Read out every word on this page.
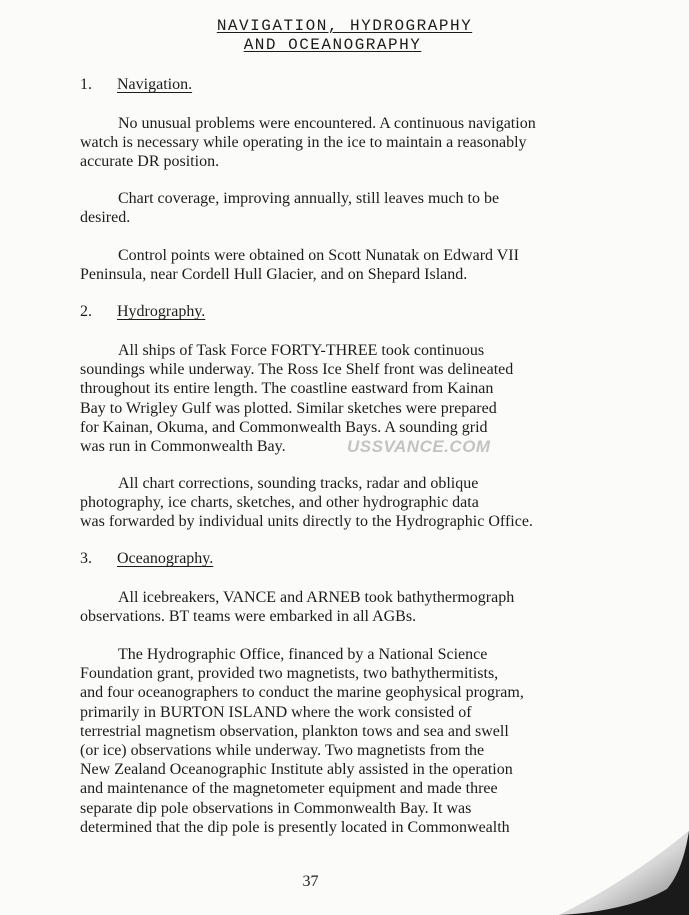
NAVIGATION, HYDROGRAPHY
AND OCEANOGRAPHY
1. Navigation.
No unusual problems were encountered. A continuous navigation
watch is necessary while operating in the ice to maintain a reasonably
accurate DR position.
Chart coverage, improving annually, still leaves much to be
desired.
Control points were obtained on Scott Nunatak on Edward VII
Peninsula, near Cordell Hull Glacier, and on Shepard Island.
2. Hydrography.
All ships of Task Force FORTY-THREE took continuous
soundings while underway. The Ross Ice Shelf front was delineated
throughout its entire length. The coastline eastward from Kainan
Bay to Wrigley Gulf was plotted. Similar sketches were prepared
for Kainan, Okuma, and Commonwealth Bays. A sounding grid
was run in Commonwealth Bay.	USSVANCE.COM
All chart corrections, sounding tracks, radar and oblique
photography, ice charts, sketches, and other hydrographic data
was forwarded by individual units directly to the Hydrographic Office.
3. Oceanography.
All icebreakers, VANCE and ARNEB took bathythermograph
observations. BT teams were embarked in all AGBs.
The Hydrographic Office, financed by a National Science
Foundation grant, provided two magnetists, two bathythermitists,
and four oceanographers to conduct the marine geophysical program,
primarily in BURTON ISLAND where the work consisted of
terrestrial magnetism observation, plankton tows and sea and swell
(or ice) observations while underway. Two magnetists from the
New Zealand Oceanographic Institute ably assisted in the operation
and maintenance of the magnetometer equipment and made three
separate dip pole observations in Commonwealth Bay. It was
determined that the dip pole is presently located in Commonwealth
37
